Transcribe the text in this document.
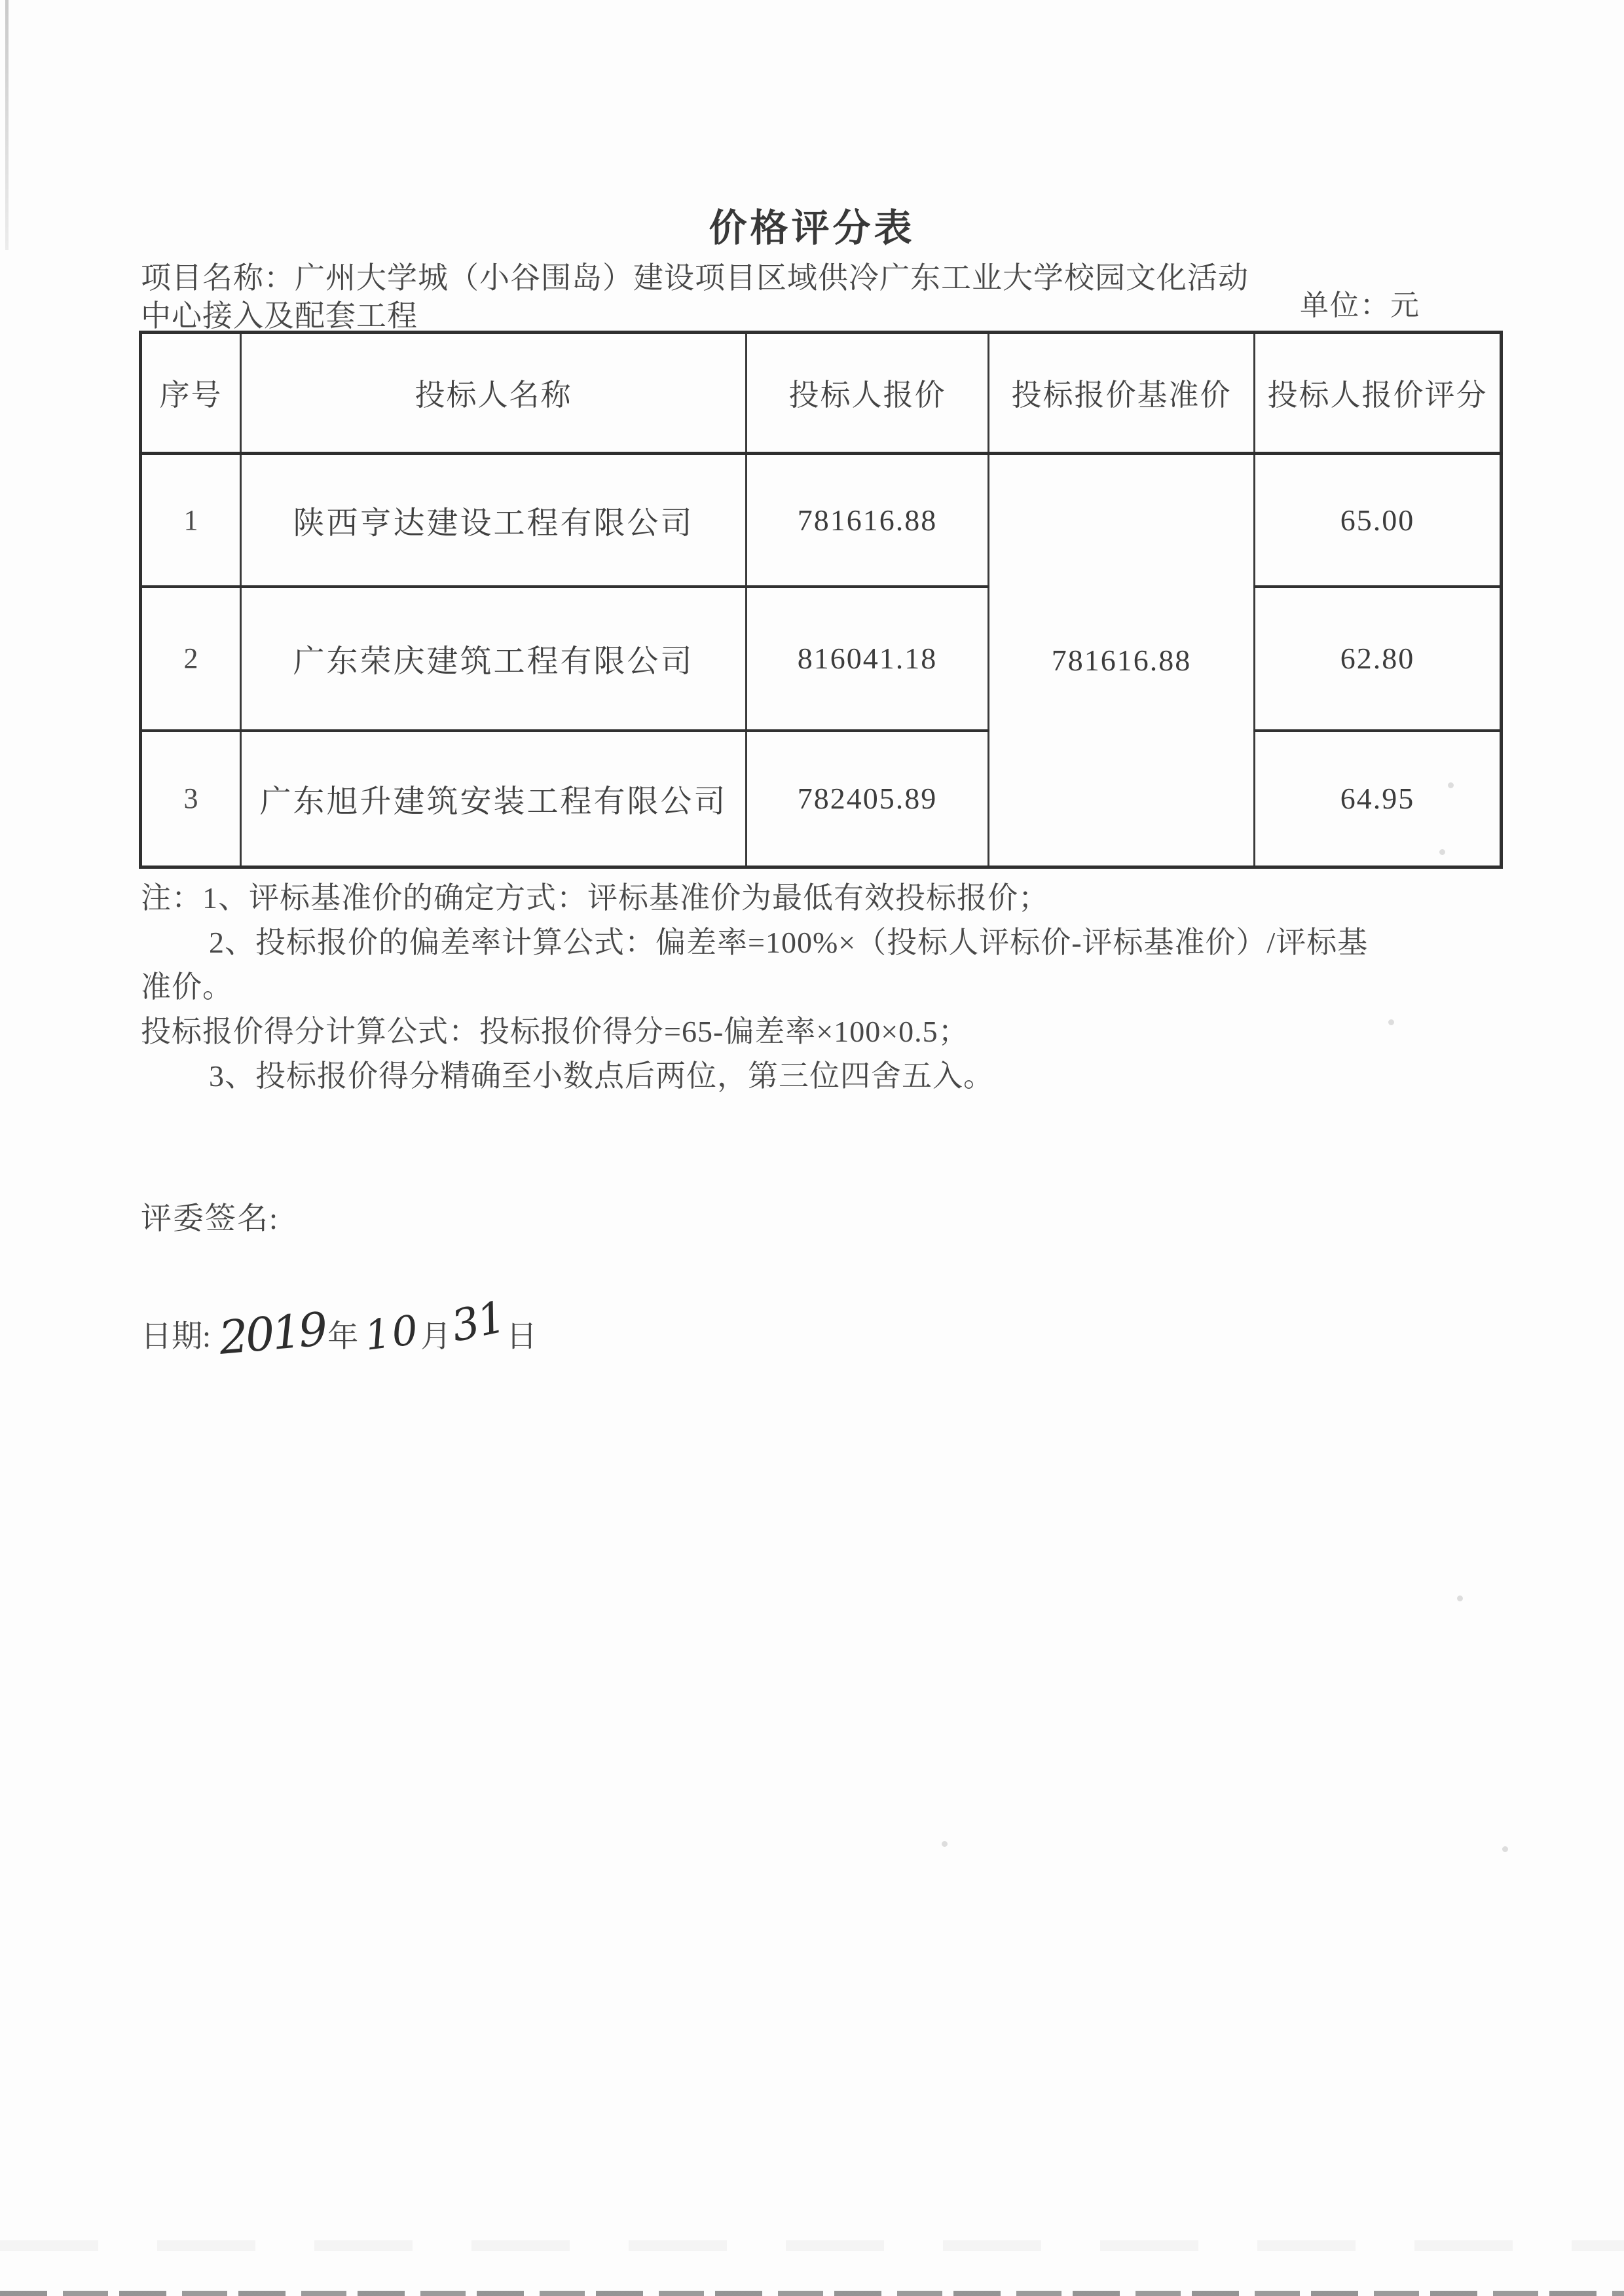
价格评分表
项目名称：广州大学城（小谷围岛）建设项目区域供冷广东工业大学校园文化活动
中心接入及配套工程	单位：元
序号	投标人名称	投标人报价	投标报价基准价	投标人报价评分
1	陕西亨达建设工程有限公司	781616.88	781616.88	65.00
2	广东荣庆建筑工程有限公司	816041.18		62.80
3	广东旭升建筑安装工程有限公司	782405.89		64.95
注：1、评标基准价的确定方式：评标基准价为最低有效投标报价；
2、投标报价的偏差率计算公式：偏差率=100%×（投标人评标价-评标基准价）/评标基
准价。
投标报价得分计算公式：投标报价得分=65-偏差率×100×0.5；
3、投标报价得分精确至小数点后两位，第三位四舍五入。
评委签名:
日期: 2019年10月31日
